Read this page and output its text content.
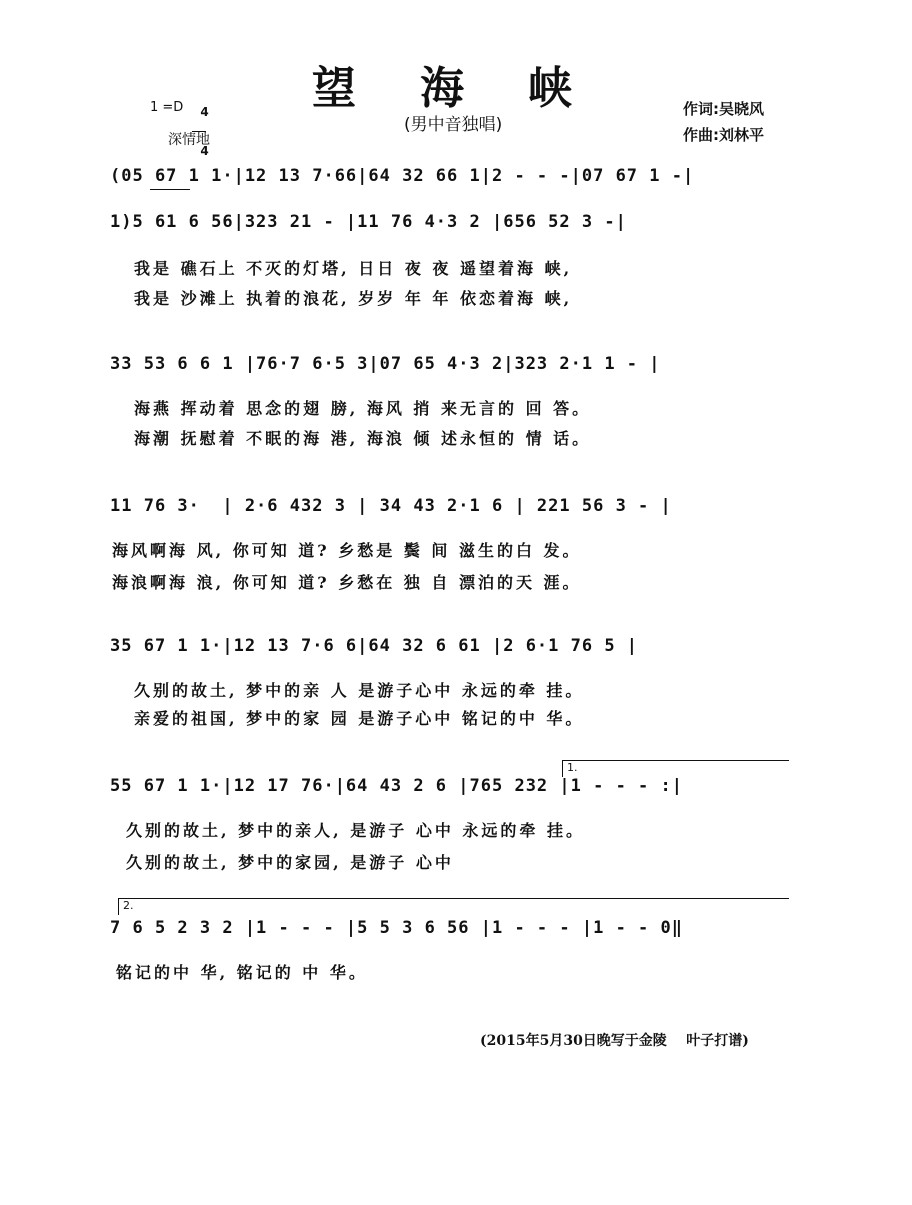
望海峡
(男中音独唱)
1 =D	4

4

深情地
作词:吴晓风
作曲:刘林平
(05 67 1 1·|12 13 7·66|64 32 66 1|2 - - -|07 67 1 -|
1)5 61 6 56|323 21 - |11 76 4·3 2 |656 52 3 -|
我是 礁石上 不灭的灯塔, 日日 夜 夜 遥望着海 峡,
我是 沙滩上 执着的浪花, 岁岁 年 年 依恋着海 峡,
33 53 6 6 1 |76·7 6·5 3|07 65 4·3 2|323 2·1 1 - |
海燕 挥动着 思念的翅 膀, 海风 捎 来无言的 回 答。
海潮 抚慰着 不眠的海 港, 海浪 倾 述永恒的 情 话。
11 76 3·  | 2·6 432 3 | 34 43 2·1 6 | 221 56 3 - |
海风啊海 风, 你可知 道? 乡愁是 鬓 间 滋生的白 发。
海浪啊海 浪, 你可知 道? 乡愁在 独 自 漂泊的天 涯。
35 67 1 1·|12 13 7·6 6|64 32 6 61 |2 6·1 76 5 |
久别的故土, 梦中的亲 人 是游子心中 永远的牵 挂。
亲爱的祖国, 梦中的家 园 是游子心中 铭记的中 华。
1.
55 67 1 1·|12 17 76·|64 43 2 6 |765 232 |1 - - - :|
久别的故土, 梦中的亲人, 是游子 心中 永远的牵 挂。
久别的故土, 梦中的家园, 是游子 心中
2.
7 6 5 2 3 2 |1 - - - |5 5 3 6 56 |1 - - - |1 - - 0‖
铭记的中 华, 铭记的 中 华。
(2015年5月30日晚写于金陵    叶子打谱)
